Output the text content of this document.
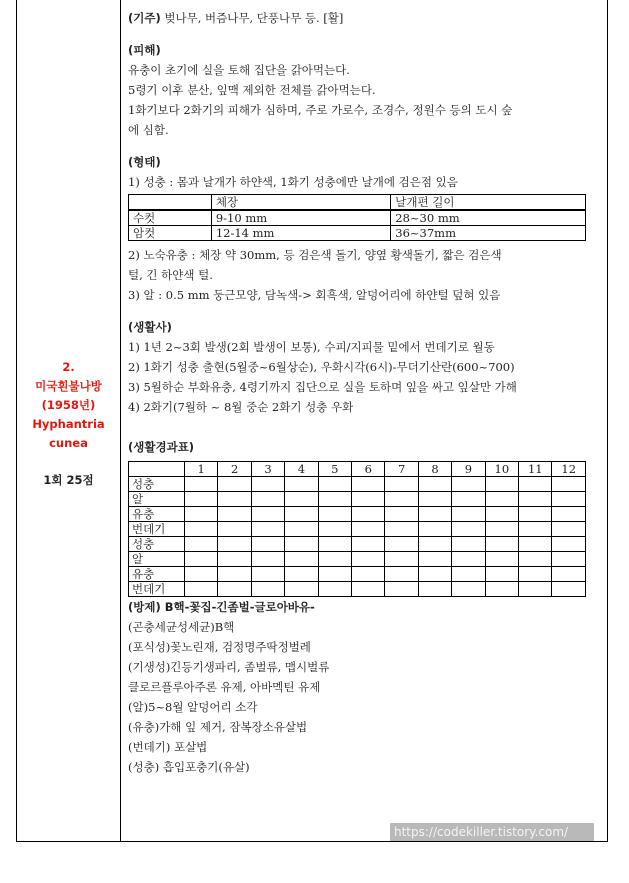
2.
미국흰불나방
(1958년)
Hyphantria
cunea
1회 25점
(기주) 벚나무, 버즘나무, 단풍나무 등. [활]
(피해)
유충이 초기에 실을 토해 집단을 갉아먹는다.
5령기 이후 분산, 잎맥 제외한 전체를 갉아먹는다.
1화기보다 2화기의 피해가 심하며, 주로 가로수, 조경수, 정원수 등의 도시 숲
에 심함.
(형태)
1) 성충 : 몸과 날개가 하얀색, 1화기 성충에만 날개에 검은점 있음
	체장	날개편 길이
수컷	9-10 mm	28~30 mm
암컷	12-14 mm	36~37mm
2) 노숙유충 : 체장 약 30mm, 등 검은색 돌기, 양옆 황색돌기, 짧은 검은색
털, 긴 하얀색 털.
3) 알 : 0.5 mm 둥근모양, 담녹색-> 회흑색, 알덩어리에 하얀털 덮혀 있음
(생활사)
1) 1년 2~3회 발생(2회 발생이 보통), 수피/지피물 밑에서 번데기로 월동
2) 1화기 성충 출현(5월중~6월상순), 우화시각(6시)-무더기산란(600~700)
3) 5월하순 부화유충, 4령기까지 집단으로 실을 토하며 잎을 싸고 잎살만 가해
4) 2화기(7월하 ~ 8월 중순 2화기 성충 우화
(생활경과표)
	1	2	3	4	5	6	7	8	9	10	11	12
성충												
알												
유충												
번데기												
성충												
알												
유충												
번데기												
(방제) B핵-꽃집-긴좀벌-글로아바유-
(곤충세균성세균)B핵
(포식성)꽃노린재, 검정명주딱정벌레
(기생성)긴등기생파리, 좀벌류, 맵시벌류
클로르플루아주론 유제, 아바멕틴 유제
(알)5~8월 알덩어리 소각
(유충)가해 잎 제거, 잠복장소유살법
(번데기) 포살법
(성충) 흡입포충기(유살)
https://codekiller.tistory.com/
